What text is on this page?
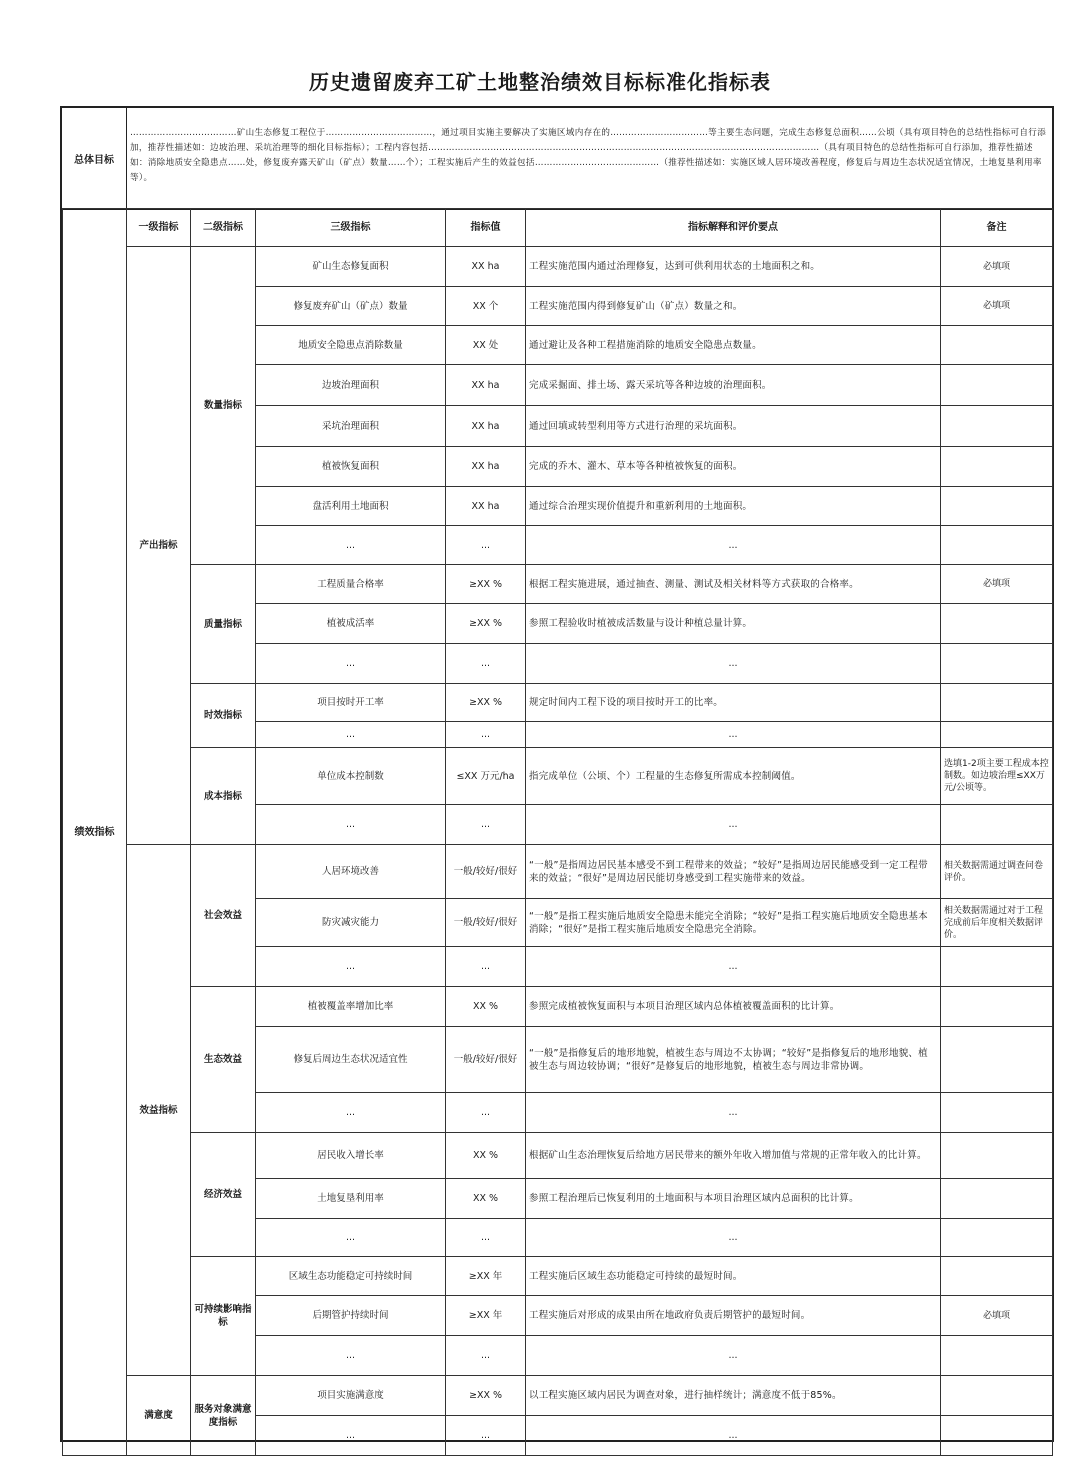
历史遗留废弃工矿土地整治绩效目标标准化指标表
总体目标
………………………………矿山生态修复工程位于………………………………，通过项目实施主要解决了实施区域内存在的……………………………等主要生态问题，完成生态修复总面积……公顷（具有项目特色的总结性指标可自行添加，推荐性描述如：边坡治理、采坑治理等的细化目标指标）；工程内容包括……………………………………………………………………………………………………………………（具有项目特色的总结性指标可自行添加，推荐性描述如：消除地质安全隐患点……处，修复废弃露天矿山（矿点）数量……个）；工程实施后产生的效益包括……………………………………（推荐性描述如：实施区域人居环境改善程度，修复后与周边生态状况适宜情况，土地复垦利用率等）。
绩效指标	一级指标	二级指标	三级指标	指标值	指标解释和评价要点	备注
	产出指标	数量指标	矿山生态修复面积	XX ha	工程实施范围内通过治理修复，达到可供利用状态的土地面积之和。	必填项
			修复废弃矿山（矿点）数量	XX 个	工程实施范围内得到修复矿山（矿点）数量之和。	必填项
			地质安全隐患点消除数量	XX 处	通过避让及各种工程措施消除的地质安全隐患点数量。	
			边坡治理面积	XX ha	完成采掘面、排土场、露天采坑等各种边坡的治理面积。	
			采坑治理面积	XX ha	通过回填或转型利用等方式进行治理的采坑面积。	
			植被恢复面积	XX ha	完成的乔木、灌木、草本等各种植被恢复的面积。	
			盘活利用土地面积	XX ha	通过综合治理实现价值提升和重新利用的土地面积。	
			...	...	...	
		质量指标	工程质量合格率	≥XX %	根据工程实施进展，通过抽查、测量、测试及相关材料等方式获取的合格率。	必填项
			植被成活率	≥XX %	参照工程验收时植被成活数量与设计种植总量计算。	
			...	...	...	
		时效指标	项目按时开工率	≥XX %	规定时间内工程下设的项目按时开工的比率。	
			...	...	...	
		成本指标	单位成本控制数	≤XX 万元/ha	指完成单位（公顷、个）工程量的生态修复所需成本控制阈值。	选填1-2项主要工程成本控制数。如边坡治理≤XX万元/公顷等。
			...	...	...	
	效益指标	社会效益	人居环境改善	一般/较好/很好	“一般”是指周边居民基本感受不到工程带来的效益；“较好”是指周边居民能感受到一定工程带来的效益；“很好”是周边居民能切身感受到工程实施带来的效益。	相关数据需通过调查问卷评价。
			防灾减灾能力	一般/较好/很好	“一般”是指工程实施后地质安全隐患未能完全消除；“较好”是指工程实施后地质安全隐患基本消除；“很好”是指工程实施后地质安全隐患完全消除。	相关数据需通过对于工程完成前后年度相关数据评价。
			...	...	...	
		生态效益	植被覆盖率增加比率	XX %	参照完成植被恢复面积与本项目治理区域内总体植被覆盖面积的比计算。	
			修复后周边生态状况适宜性	一般/较好/很好	“一般”是指修复后的地形地貌，植被生态与周边不太协调；“较好”是指修复后的地形地貌、植被生态与周边较协调；“很好”是修复后的地形地貌，植被生态与周边非常协调。	
			...	...	...	
		经济效益	居民收入增长率	XX %	根据矿山生态治理恢复后给地方居民带来的额外年收入增加值与常规的正常年收入的比计算。	
			土地复垦利用率	XX %	参照工程治理后已恢复利用的土地面积与本项目治理区域内总面积的比计算。	
			...	...	...	
		可持续影响指标	区域生态功能稳定可持续时间	≥XX 年	工程实施后区域生态功能稳定可持续的最短时间。	
			后期管护持续时间	≥XX 年	工程实施后对形成的成果由所在地政府负责后期管护的最短时间。	必填项
			...	...	...	
	满意度	服务对象满意度指标	项目实施满意度	≥XX %	以工程实施区域内居民为调查对象，进行抽样统计；满意度不低于85%。	
			...	...	...	
